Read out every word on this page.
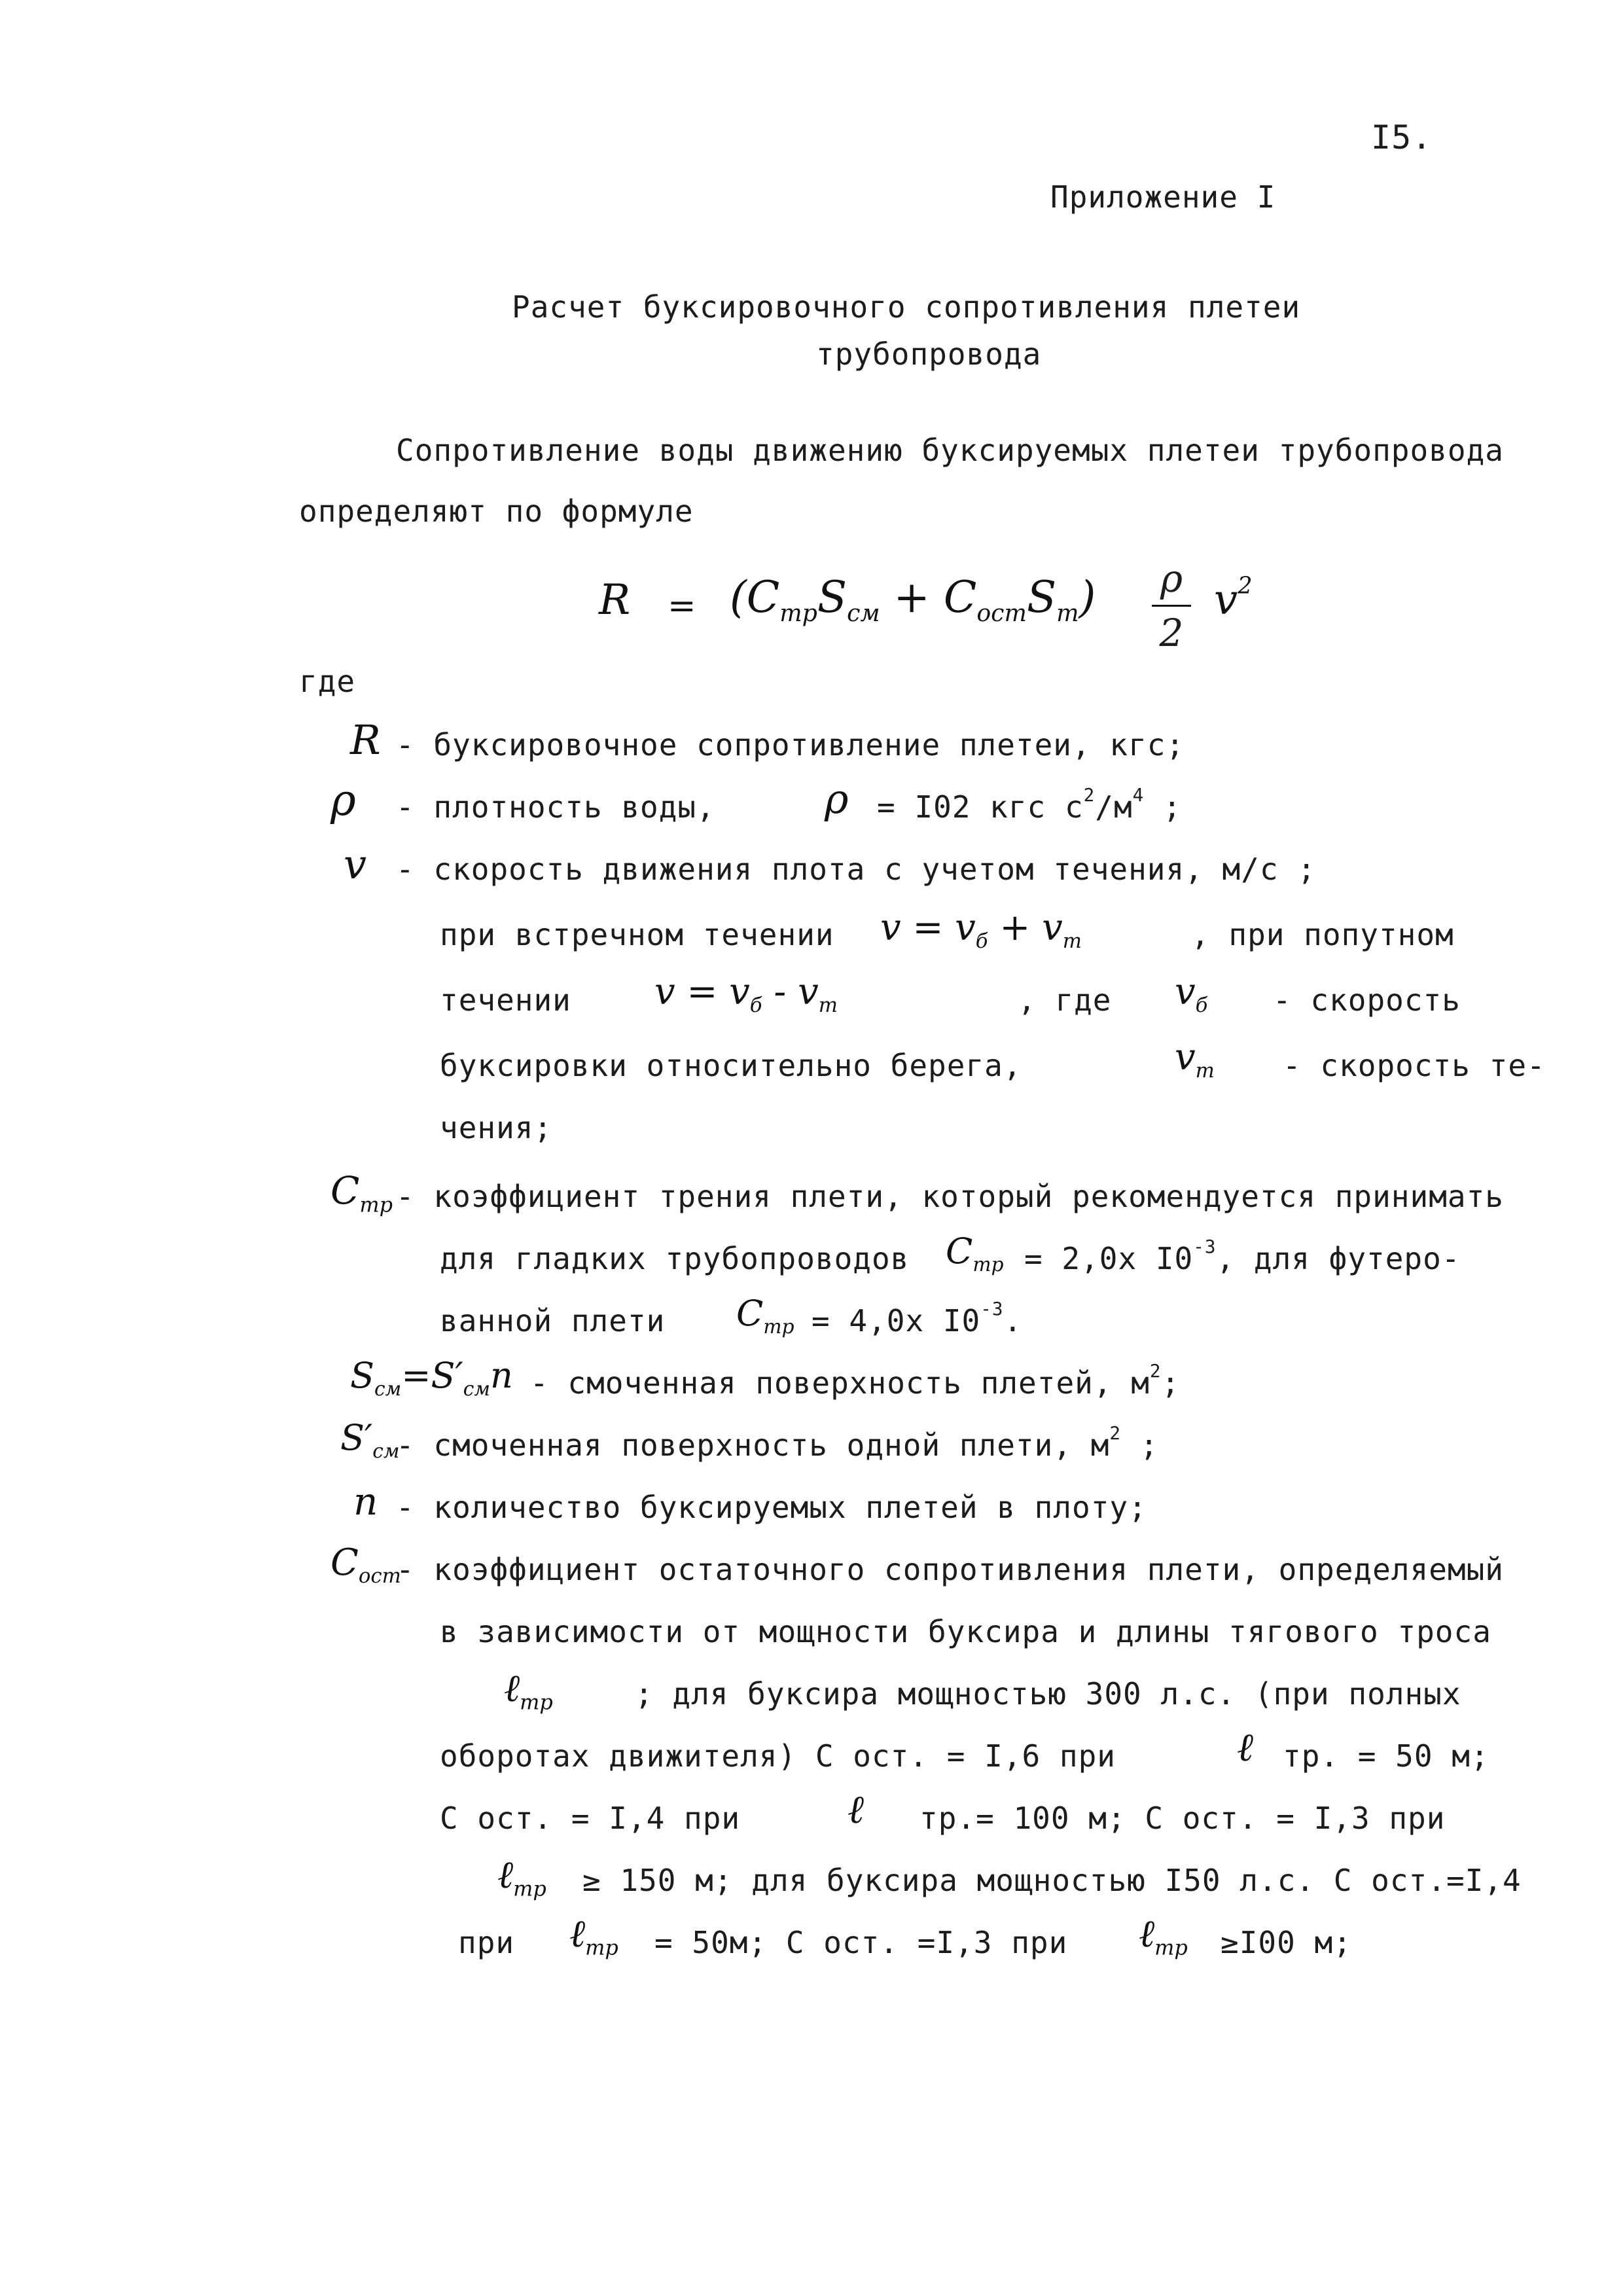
I5.
Приложение I
Расчет буксировочного сопротивления плетеи
трубопровода
Сопротивление воды движению буксируемых плетеи трубопровода
определяют по формуле
$R = (C_{тр}S_{см} + C_{ост}S_т)$	ρ
2
$v^2$
где
R - буксировочное сопротивление плетеи, кгс;
ρ - плотность воды,	ρ = I02 кгс $с^2/м^4$ ;
v - скорость движения плота с учетом течения, м/с ;
при встречном течении $v = v_б + v_т$	, при попутном
течении $v = v_б - v_т$	, где $v_б$ - скорость
буксировки относительно берега,	$v_т$ - скорость те-
чения;
$C_{тр}$ - коэффициент трения плети, который рекомендуется принимать
для гладких трубопроводов $C_{тр} = 2,0х$ $I0^{-3}$, для футеро-
ванной плети $C_{тр} = 4,0х$ $I0^{-3}$.
$S_{см}=S'_{см}n$ - смоченная поверхность плетей, $м^2$;
$S'_{см}$
- смоченная поверхность одной плети, $м^2$ ;
n - количество буксируемых плетей в плоту;
$C_{ост}$
- коэффициент остаточного сопротивления плети, определяемый
в зависимости от мощности буксира и длины тягового троса
ℓ$_{тр}$	; для буксира мощностью 300 л.с. (при полных
оборотах движителя) С ост. = I,6 при	ℓ тр. = 50 м;
С ост. = I,4 при	ℓ тр.= 100 м; С ост. = I,3 при
ℓ$_{тр}$ ≥ 150 м; для буксира мощностью I50 л.с. С ост.=I,4
при ℓ$_{тр}$ = 50м; С ост. =I,3 при ℓ$_{тр}$ ≥I00 м;
